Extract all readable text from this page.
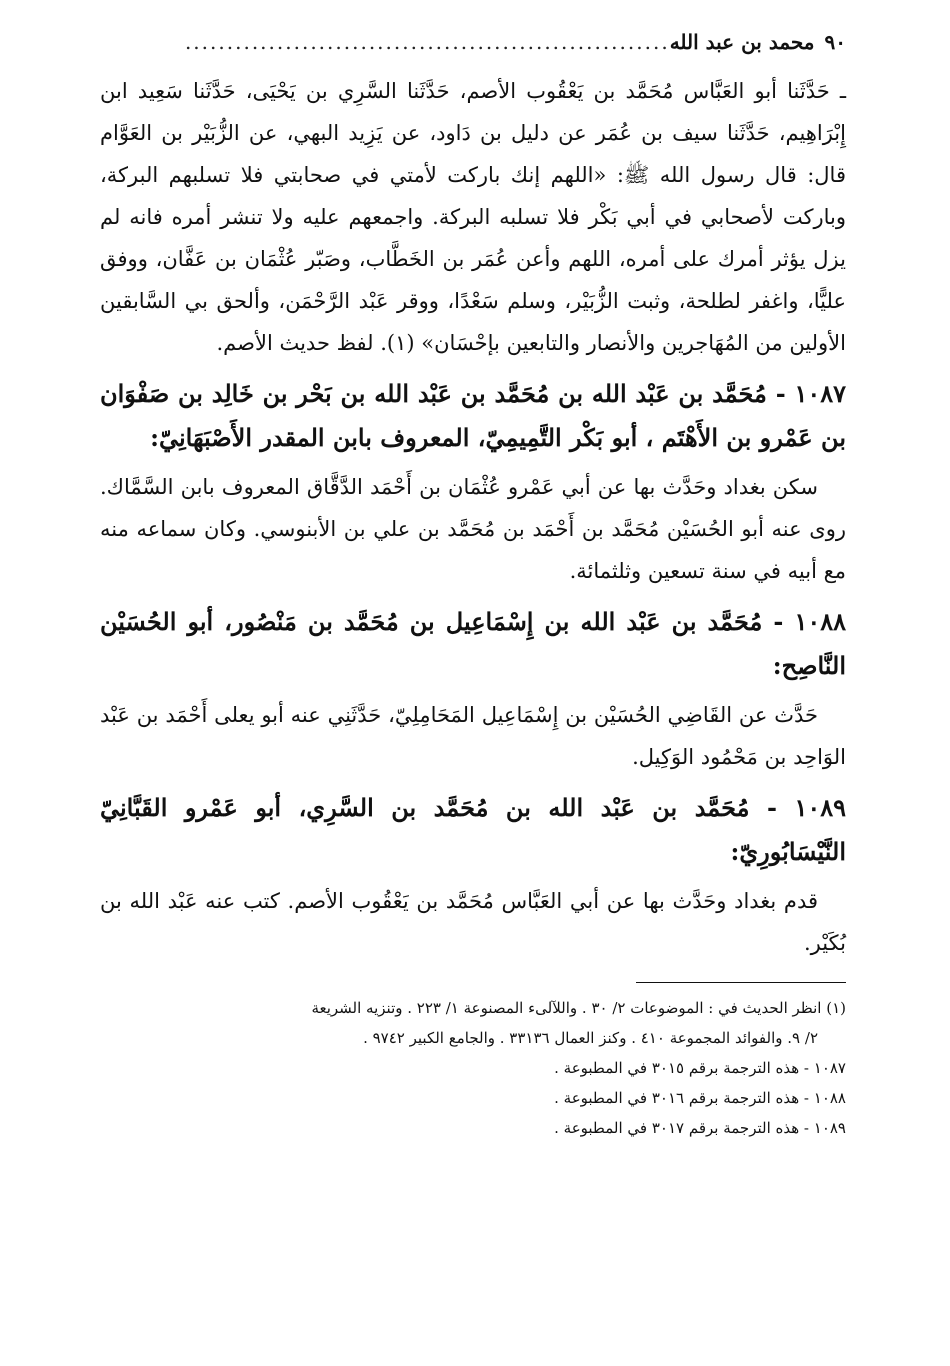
٩٠
محمد بن عبد الله
..........................................................

ـ حَدَّثَنا أبو العَبَّاس مُحَمَّد بن يَعْقُوب الأصم، حَدَّثَنا السَّرِي بن يَحْيَى، حَدَّثَنا سَعِيد ابن إِبْرَاهِيم، حَدَّثَنا سيف بن عُمَر عن دليل بن دَاود، عن يَزِيد البهي، عن الزُّبَيْر بن العَوَّام قال: قال رسول الله ﷺ: «اللهم إنك باركت لأمتي في صحابتي فلا تسلبهم البركة، وباركت لأصحابي في أبي بَكْر فلا تسلبه البركة. واجمعهم عليه ولا تنشر أمره فانه لم يزل يؤثر أمرك على أمره، اللهم وأعن عُمَر بن الخَطَّاب، وصَبّر عُثْمَان بن عَفَّان، ووفق عليًّا، واغفر لطلحة، وثبت الزُّبَيْر، وسلم سَعْدًا، ووقر عَبْد الرَّحْمَن، وألحق بي السَّابقين الأولين من المُهَاجرين والأنصار والتابعين بإحْسَان» (١). لفظ حديث الأصم.

١٠٨٧ - مُحَمَّد بن عَبْد الله بن مُحَمَّد بن عَبْد الله بن بَحْر بن خَالِد بن صَفْوَان بن عَمْرو بن الأَهْتَم ، أبو بَكْر التَّمِيمِيّ، المعروف بابن المقدر الأَصْبَهَانِيّ:

سكن بغداد وحَدَّث بها عن أبي عَمْرو عُثْمَان بن أَحْمَد الدَّقَّاق المعروف بابن السَّمَّاك. روى عنه أبو الحُسَيْن مُحَمَّد بن أَحْمَد بن مُحَمَّد بن علي بن الأبنوسي. وكان سماعه منه مع أبيه في سنة تسعين وثلثمائة.

١٠٨٨ - مُحَمَّد بن عَبْد الله بن إِسْمَاعِيل بن مُحَمَّد بن مَنْصُور، أبو الحُسَيْن النَّاصِح:

حَدَّث عن القَاضِي الحُسَيْن بن إِسْمَاعِيل المَحَامِلِيّ، حَدَّثَنِي عنه أبو يعلى أَحْمَد بن عَبْد الوَاحِد بن مَحْمُود الوَكِيل.

١٠٨٩ - مُحَمَّد بن عَبْد الله بن مُحَمَّد بن السَّرِي، أبو عَمْرو القَبَّانِيّ النَّيْسَابُورِيّ:

قدم بغداد وحَدَّث بها عن أبي العَبَّاس مُحَمَّد بن يَعْقُوب الأصم. كتب عنه عَبْد الله بن بُكَيْر.

(١) انظر الحديث في : الموضوعات ٢/ ٣٠ . واللآلىء المصنوعة ١/ ٢٢٣ . وتنزيه الشريعة

٢/ ٩. والفوائد المجموعة ٤١٠ . وكنز العمال ٣٣١٣٦ . والجامع الكبير ٩٧٤٢ .

١٠٨٧ - هذه الترجمة برقم ٣٠١٥ في المطبوعة .

١٠٨٨ - هذه الترجمة برقم ٣٠١٦ في المطبوعة .

١٠٨٩ - هذه الترجمة برقم ٣٠١٧ في المطبوعة .
